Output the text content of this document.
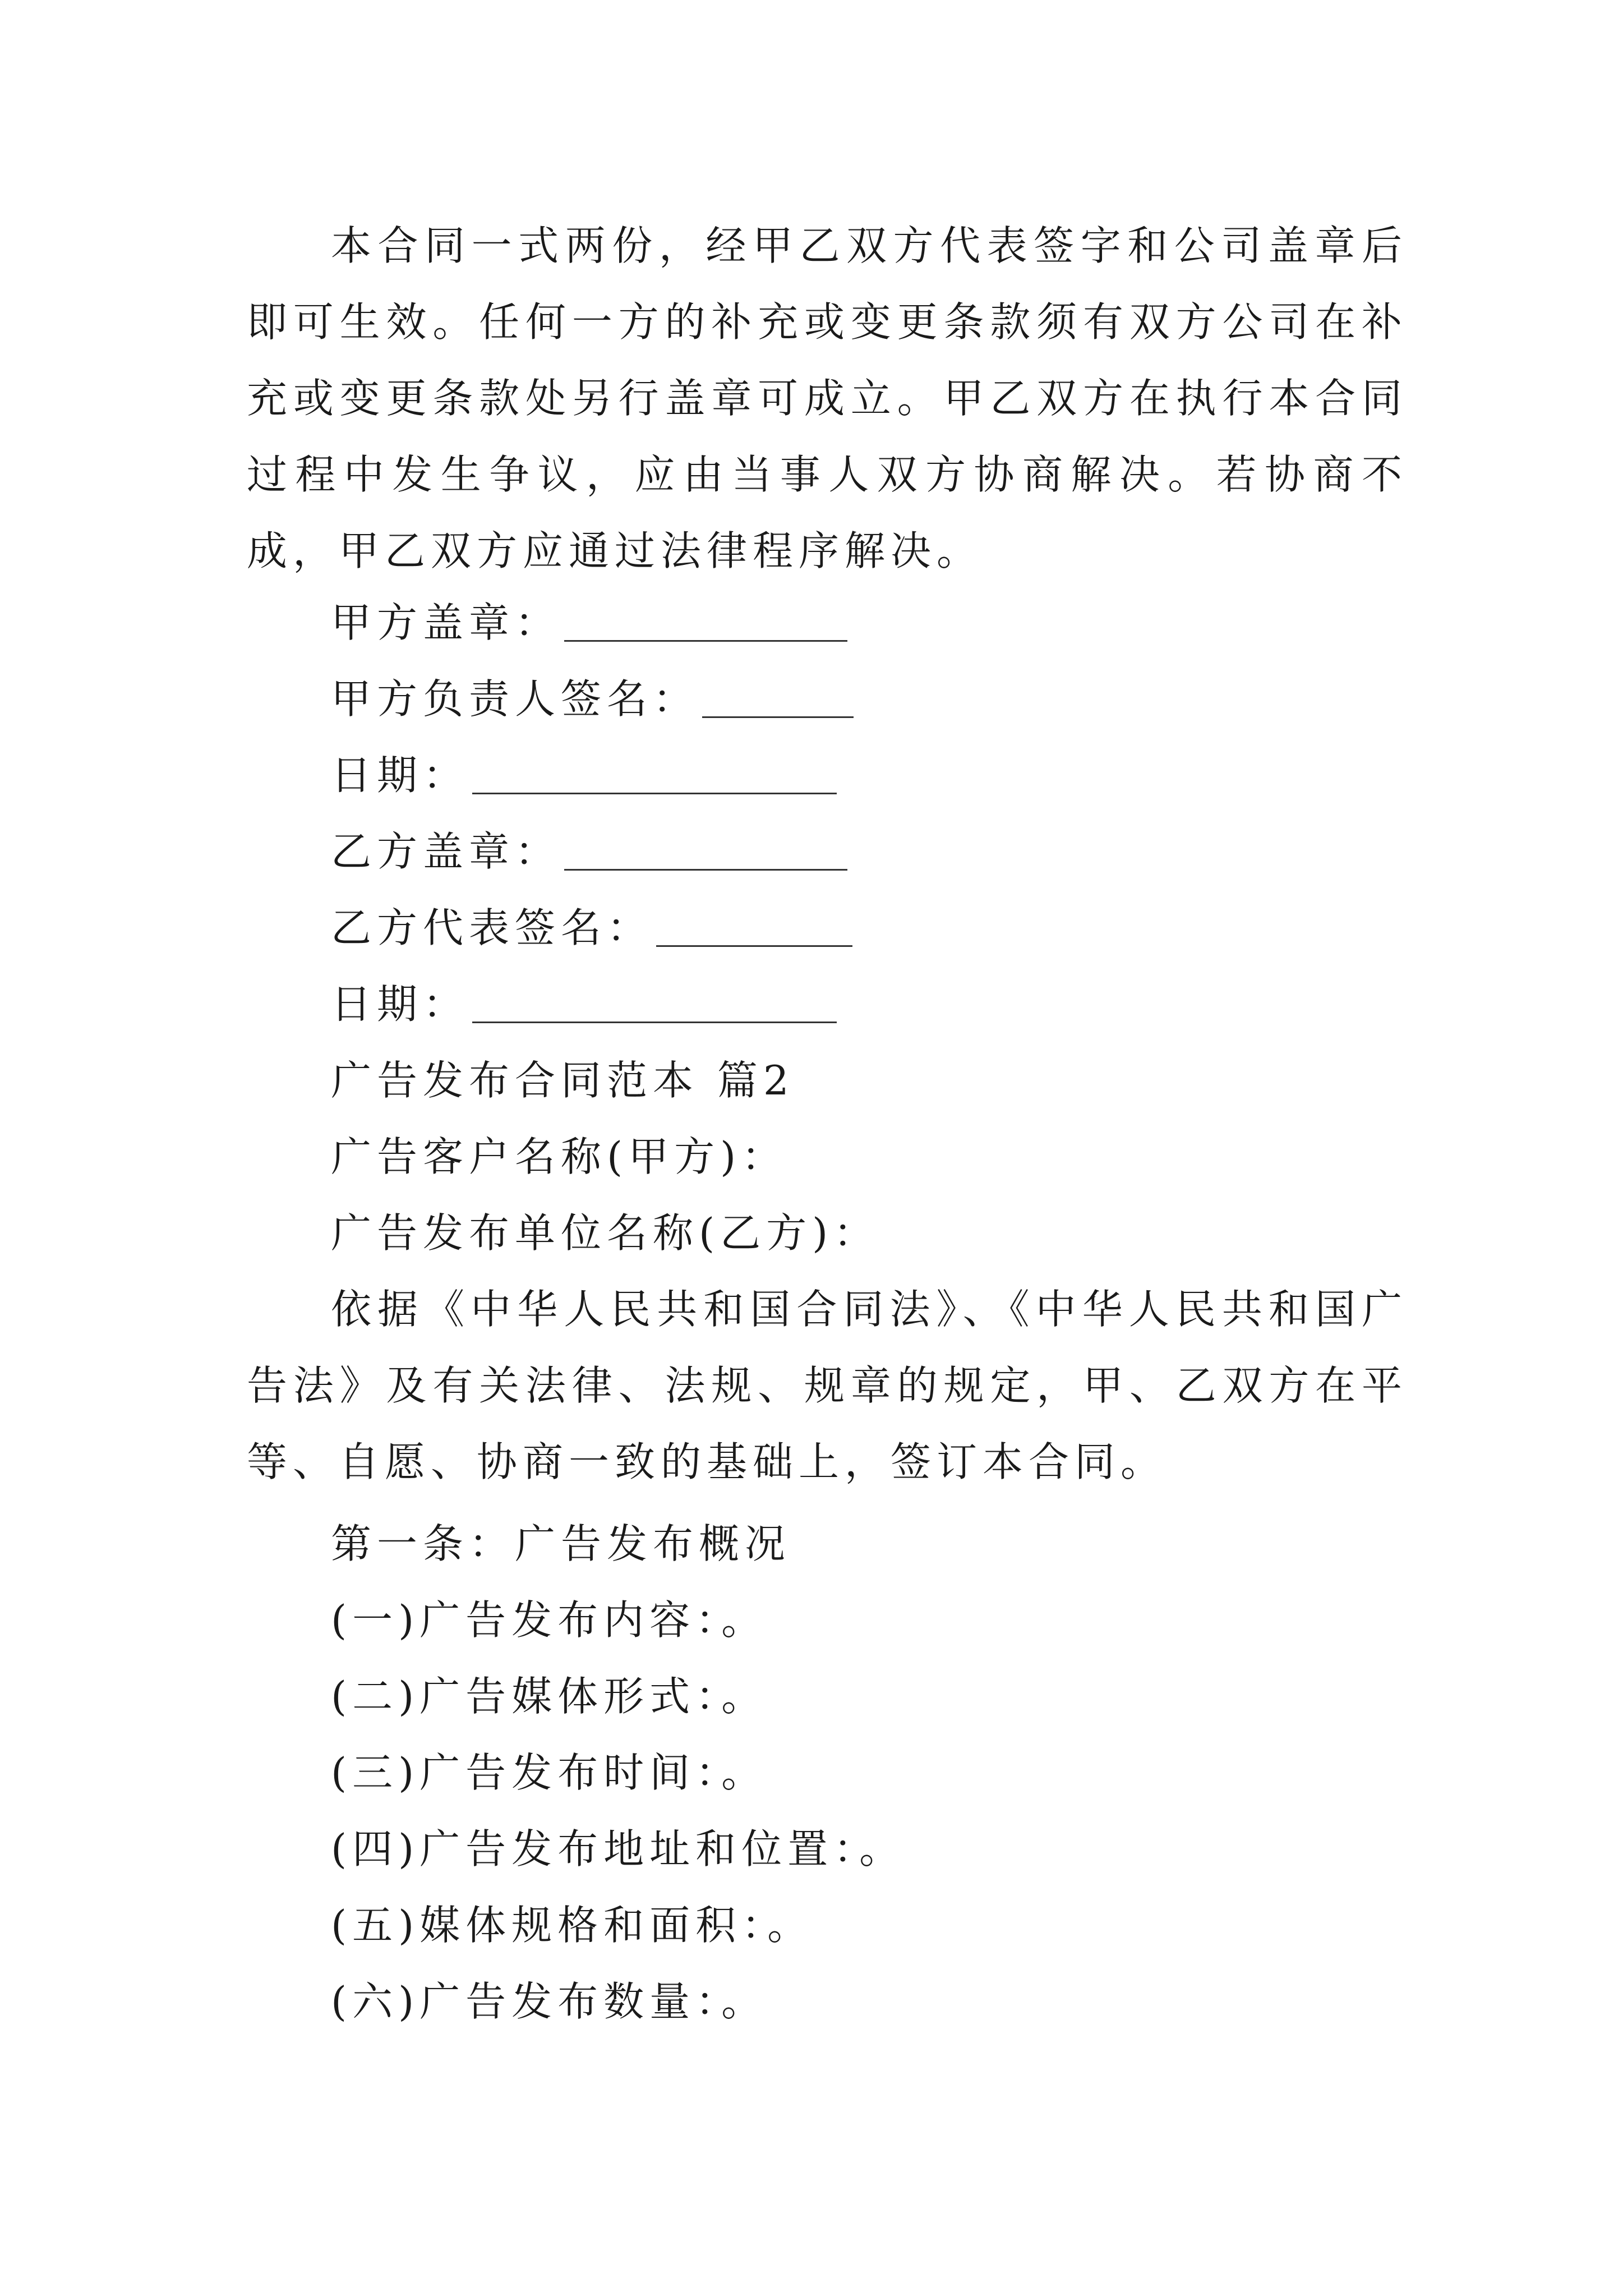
本合同一式两份，经甲乙双方代表签字和公司盖章后即可生效。任何一方的补充或变更条款须有双方公司在补充或变更条款处另行盖章可成立。甲乙双方在执行本合同过程中发生争议，应由当事人双方协商解决。若协商不成，甲乙双方应通过法律程序解决。

甲方盖章：
甲方负责人签名：
日期：
乙方盖章：
乙方代表签名：
日期：

广告发布合同范本 篇2

广告客户名称(甲方)：

广告发布单位名称(乙方)：

依据《中华人民共和国合同法》、《中华人民共和国广告法》及有关法律、法规、规章的规定，甲、乙双方在平等、自愿、协商一致的基础上，签订本合同。

第一条：广告发布概况

(一)广告发布内容：。

(二)广告媒体形式：。

(三)广告发布时间：。

(四)广告发布地址和位置：。

(五)媒体规格和面积：。

(六)广告发布数量：。
